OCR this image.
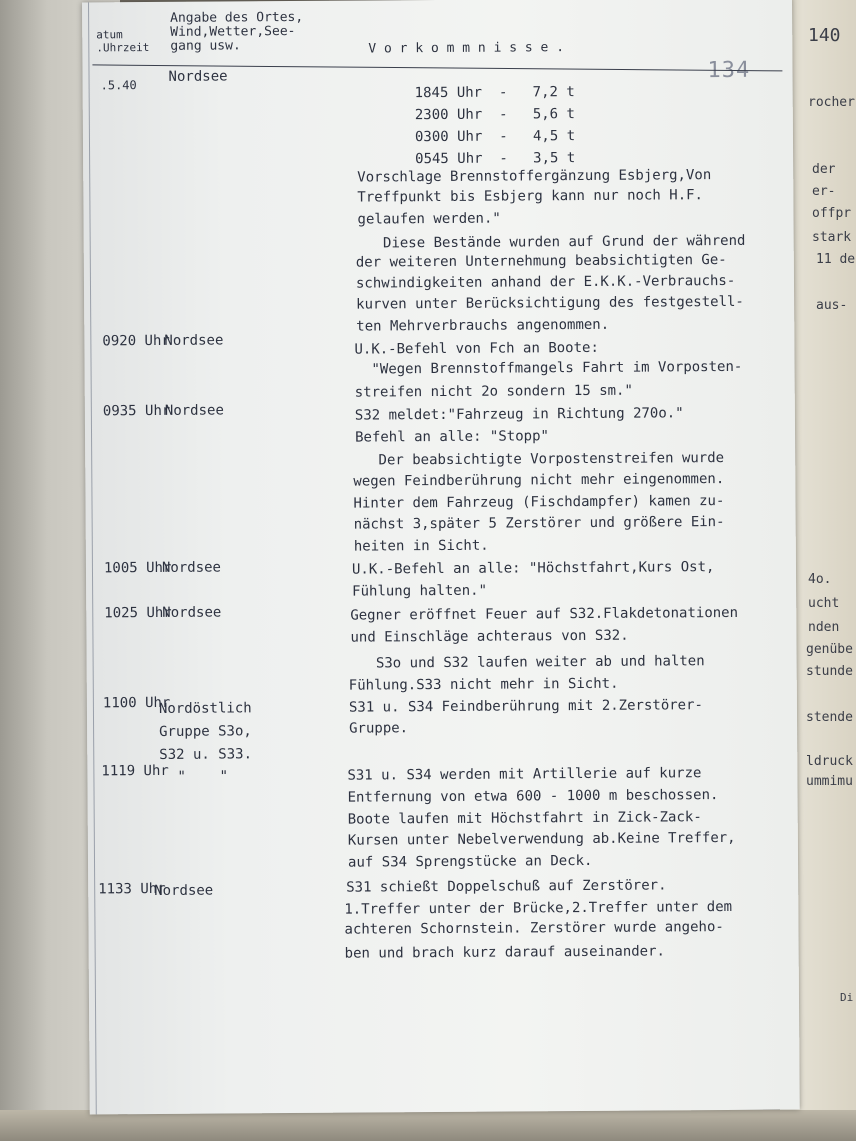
140
rocher
der
er-
offpr
stark
11 de
aus-
4o.
ucht
nden
genübe
stunde
stende
ldruck
ummimu
Di
atum
.Uhrzeit
Angabe des Ortes,
Wind,Wetter,See-
gang usw.	V o r k o m m n i s s e .
134
.5.40
Nordsee
0920 Uhr
Nordsee
0935 Uhr
Nordsee
1005 Uhr
Nordsee
1025 Uhr
Nordsee
1100 Uhr
Nordöstlich
Gruppe S3o,
S32 u. S33.
1119 Uhr "    "
1133 Uhr
Nordsee
1845 Uhr  -   7,2 t
2300 Uhr  -   5,6 t
0300 Uhr  -   4,5 t
0545 Uhr  -   3,5 t
Vorschlage Brennstoffergänzung Esbjerg,Von
Treffpunkt bis Esbjerg kann nur noch H.F.
gelaufen werden."
Diese Bestände wurden auf Grund der während
der weiteren Unternehmung beabsichtigten Ge-
schwindigkeiten anhand der E.K.K.-Verbrauchs-
kurven unter Berücksichtigung des festgestell-
ten Mehrverbrauchs angenommen.
U.K.-Befehl von Fch an Boote:
"Wegen Brennstoffmangels Fahrt im Vorposten-
streifen nicht 2o sondern 15 sm."
S32 meldet:"Fahrzeug in Richtung 270o."
Befehl an alle: "Stopp"
Der beabsichtigte Vorpostenstreifen wurde
wegen Feindberührung nicht mehr eingenommen.
Hinter dem Fahrzeug (Fischdampfer) kamen zu-
nächst 3,später 5 Zerstörer und größere Ein-
heiten in Sicht.
U.K.-Befehl an alle: "Höchstfahrt,Kurs Ost,
Fühlung halten."
Gegner eröffnet Feuer auf S32.Flakdetonationen
und Einschläge achteraus von S32.
S3o und S32 laufen weiter ab und halten
Fühlung.S33 nicht mehr in Sicht.
S31 u. S34 Feindberührung mit 2.Zerstörer-
Gruppe.
S31 u. S34 werden mit Artillerie auf kurze
Entfernung von etwa 600 - 1000 m beschossen.
Boote laufen mit Höchstfahrt in Zick-Zack-
Kursen unter Nebelverwendung ab.Keine Treffer,
auf S34 Sprengstücke an Deck.
S31 schießt Doppelschuß auf Zerstörer.
1.Treffer unter der Brücke,2.Treffer unter dem
achteren Schornstein. Zerstörer wurde angeho-
ben und brach kurz darauf auseinander.
